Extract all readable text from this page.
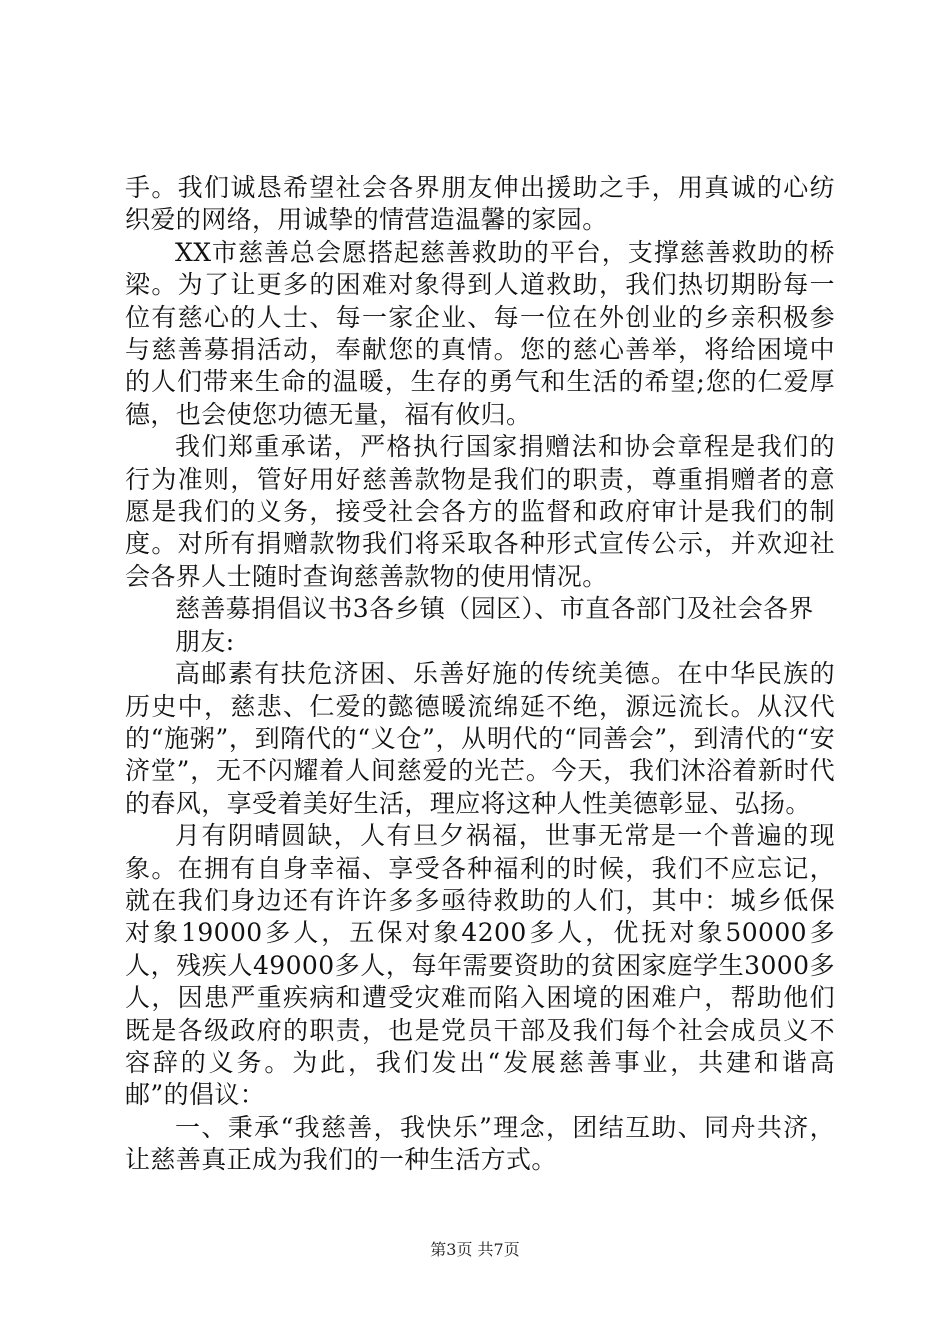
手。我们诚恳希望社会各界朋友伸出援助之手，用真诚的心纺织爱的网络，用诚挚的情营造温馨的家园。

XX市慈善总会愿搭起慈善救助的平台，支撑慈善救助的桥梁。为了让更多的困难对象得到人道救助，我们热切期盼每一位有慈心的人士、每一家企业、每一位在外创业的乡亲积极参与慈善募捐活动，奉献您的真情。您的慈心善举，将给困境中的人们带来生命的温暖，生存的勇气和生活的希望;您的仁爱厚德，也会使您功德无量，福有攸归。

我们郑重承诺，严格执行国家捐赠法和协会章程是我们的行为准则，管好用好慈善款物是我们的职责，尊重捐赠者的意愿是我们的义务，接受社会各方的监督和政府审计是我们的制度。对所有捐赠款物我们将采取各种形式宣传公示，并欢迎社会各界人士随时查询慈善款物的使用情况。

慈善募捐倡议书3各乡镇（园区）、市直各部门及社会各界

朋友:

高邮素有扶危济困、乐善好施的传统美德。在中华民族的历史中，慈悲、仁爱的懿德暖流绵延不绝，源远流长。从汉代的“施粥”，到隋代的“义仓”，从明代的“同善会”，到清代的“安济堂”，无不闪耀着人间慈爱的光芒。今天，我们沐浴着新时代的春风，享受着美好生活，理应将这种人性美德彰显、弘扬。

月有阴晴圆缺，人有旦夕祸福，世事无常是一个普遍的现象。在拥有自身幸福、享受各种福利的时候，我们不应忘记，就在我们身边还有许许多多亟待救助的人们，其中：城乡低保对象19000多人，五保对象4200多人，优抚对象50000多人，残疾人49000多人，每年需要资助的贫困家庭学生3000多人，因患严重疾病和遭受灾难而陷入困境的困难户，帮助他们既是各级政府的职责，也是党员干部及我们每个社会成员义不容辞的义务。为此，我们发出“发展慈善事业，共建和谐高邮”的倡议：

一、秉承“我慈善，我快乐”理念，团结互助、同舟共济，让慈善真正成为我们的一种生活方式。

第3页 共7页
